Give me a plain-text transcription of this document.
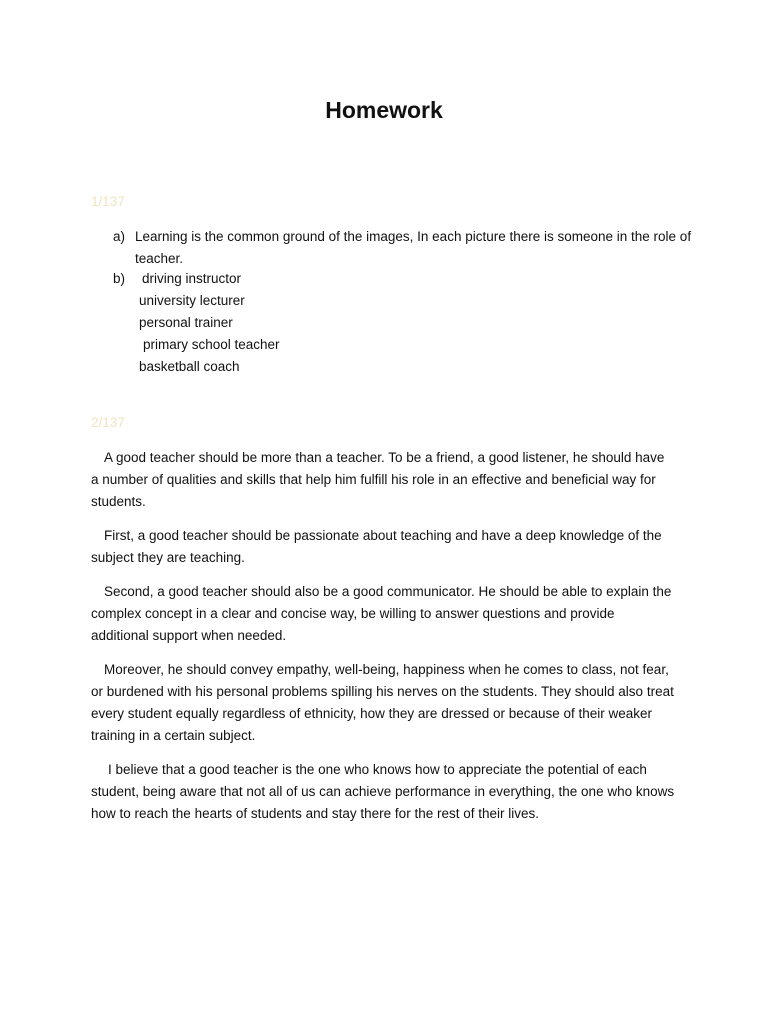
Homework
1/137
a) Learning is the common ground of the images, In each picture there is someone in the role of teacher.
b)	driving instructor
university lecturer
personal trainer
primary school teacher
basketball coach
2/137

A good teacher should be more than a teacher. To be a friend, a good listener, he should have a number of qualities and skills that help him fulfill his role in an effective and beneficial way for students.

First, a good teacher should be passionate about teaching and have a deep knowledge of the subject they are teaching.

Second, a good teacher should also be a good communicator. He should be able to explain the complex concept in a clear and concise way, be willing to answer questions and provide additional support when needed.

Moreover, he should convey empathy, well-being, happiness when he comes to class, not fear, or burdened with his personal problems spilling his nerves on the students. They should also treat every student equally regardless of ethnicity, how they are dressed or because of their weaker training in a certain subject.

I believe that a good teacher is the one who knows how to appreciate the potential of each student, being aware that not all of us can achieve performance in everything, the one who knows how to reach the hearts of students and stay there for the rest of their lives.
